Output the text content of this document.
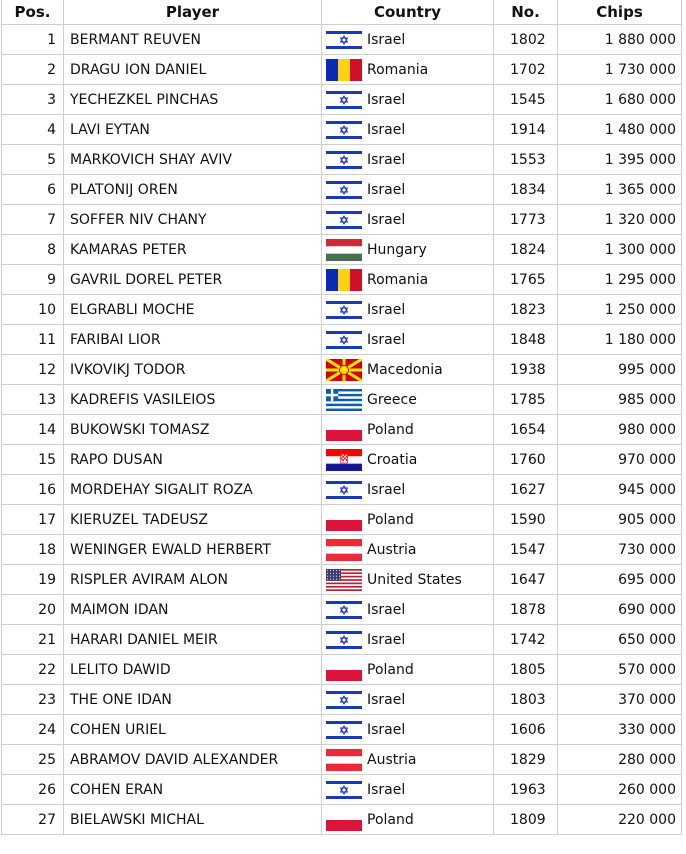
Pos.	Player	Country	No.	Chips
1	BERMANT REUVEN	Israel	1802	1 880 000
2	DRAGU ION DANIEL	Romania	1702	1 730 000
3	YECHEZKEL PINCHAS	Israel	1545	1 680 000
4	LAVI EYTAN	Israel	1914	1 480 000
5	MARKOVICH SHAY AVIV	Israel	1553	1 395 000
6	PLATONIJ OREN	Israel	1834	1 365 000
7	SOFFER NIV CHANY	Israel	1773	1 320 000
8	KAMARAS PETER	Hungary	1824	1 300 000
9	GAVRIL DOREL PETER	Romania	1765	1 295 000
10	ELGRABLI MOCHE	Israel	1823	1 250 000
11	FARIBAI LIOR	Israel	1848	1 180 000
12	IVKOVIKJ TODOR	Macedonia	1938	995 000
13	KADREFIS VASILEIOS	Greece	1785	985 000
14	BUKOWSKI TOMASZ	Poland	1654	980 000
15	RAPO DUSAN	Croatia	1760	970 000
16	MORDEHAY SIGALIT ROZA	Israel	1627	945 000
17	KIERUZEL TADEUSZ	Poland	1590	905 000
18	WENINGER EWALD HERBERT	Austria	1547	730 000
19	RISPLER AVIRAM ALON	United States	1647	695 000
20	MAIMON IDAN	Israel	1878	690 000
21	HARARI DANIEL MEIR	Israel	1742	650 000
22	LELITO DAWID	Poland	1805	570 000
23	THE ONE IDAN	Israel	1803	370 000
24	COHEN URIEL	Israel	1606	330 000
25	ABRAMOV DAVID ALEXANDER	Austria	1829	280 000
26	COHEN ERAN	Israel	1963	260 000
27	BIELAWSKI MICHAL	Poland	1809	220 000
